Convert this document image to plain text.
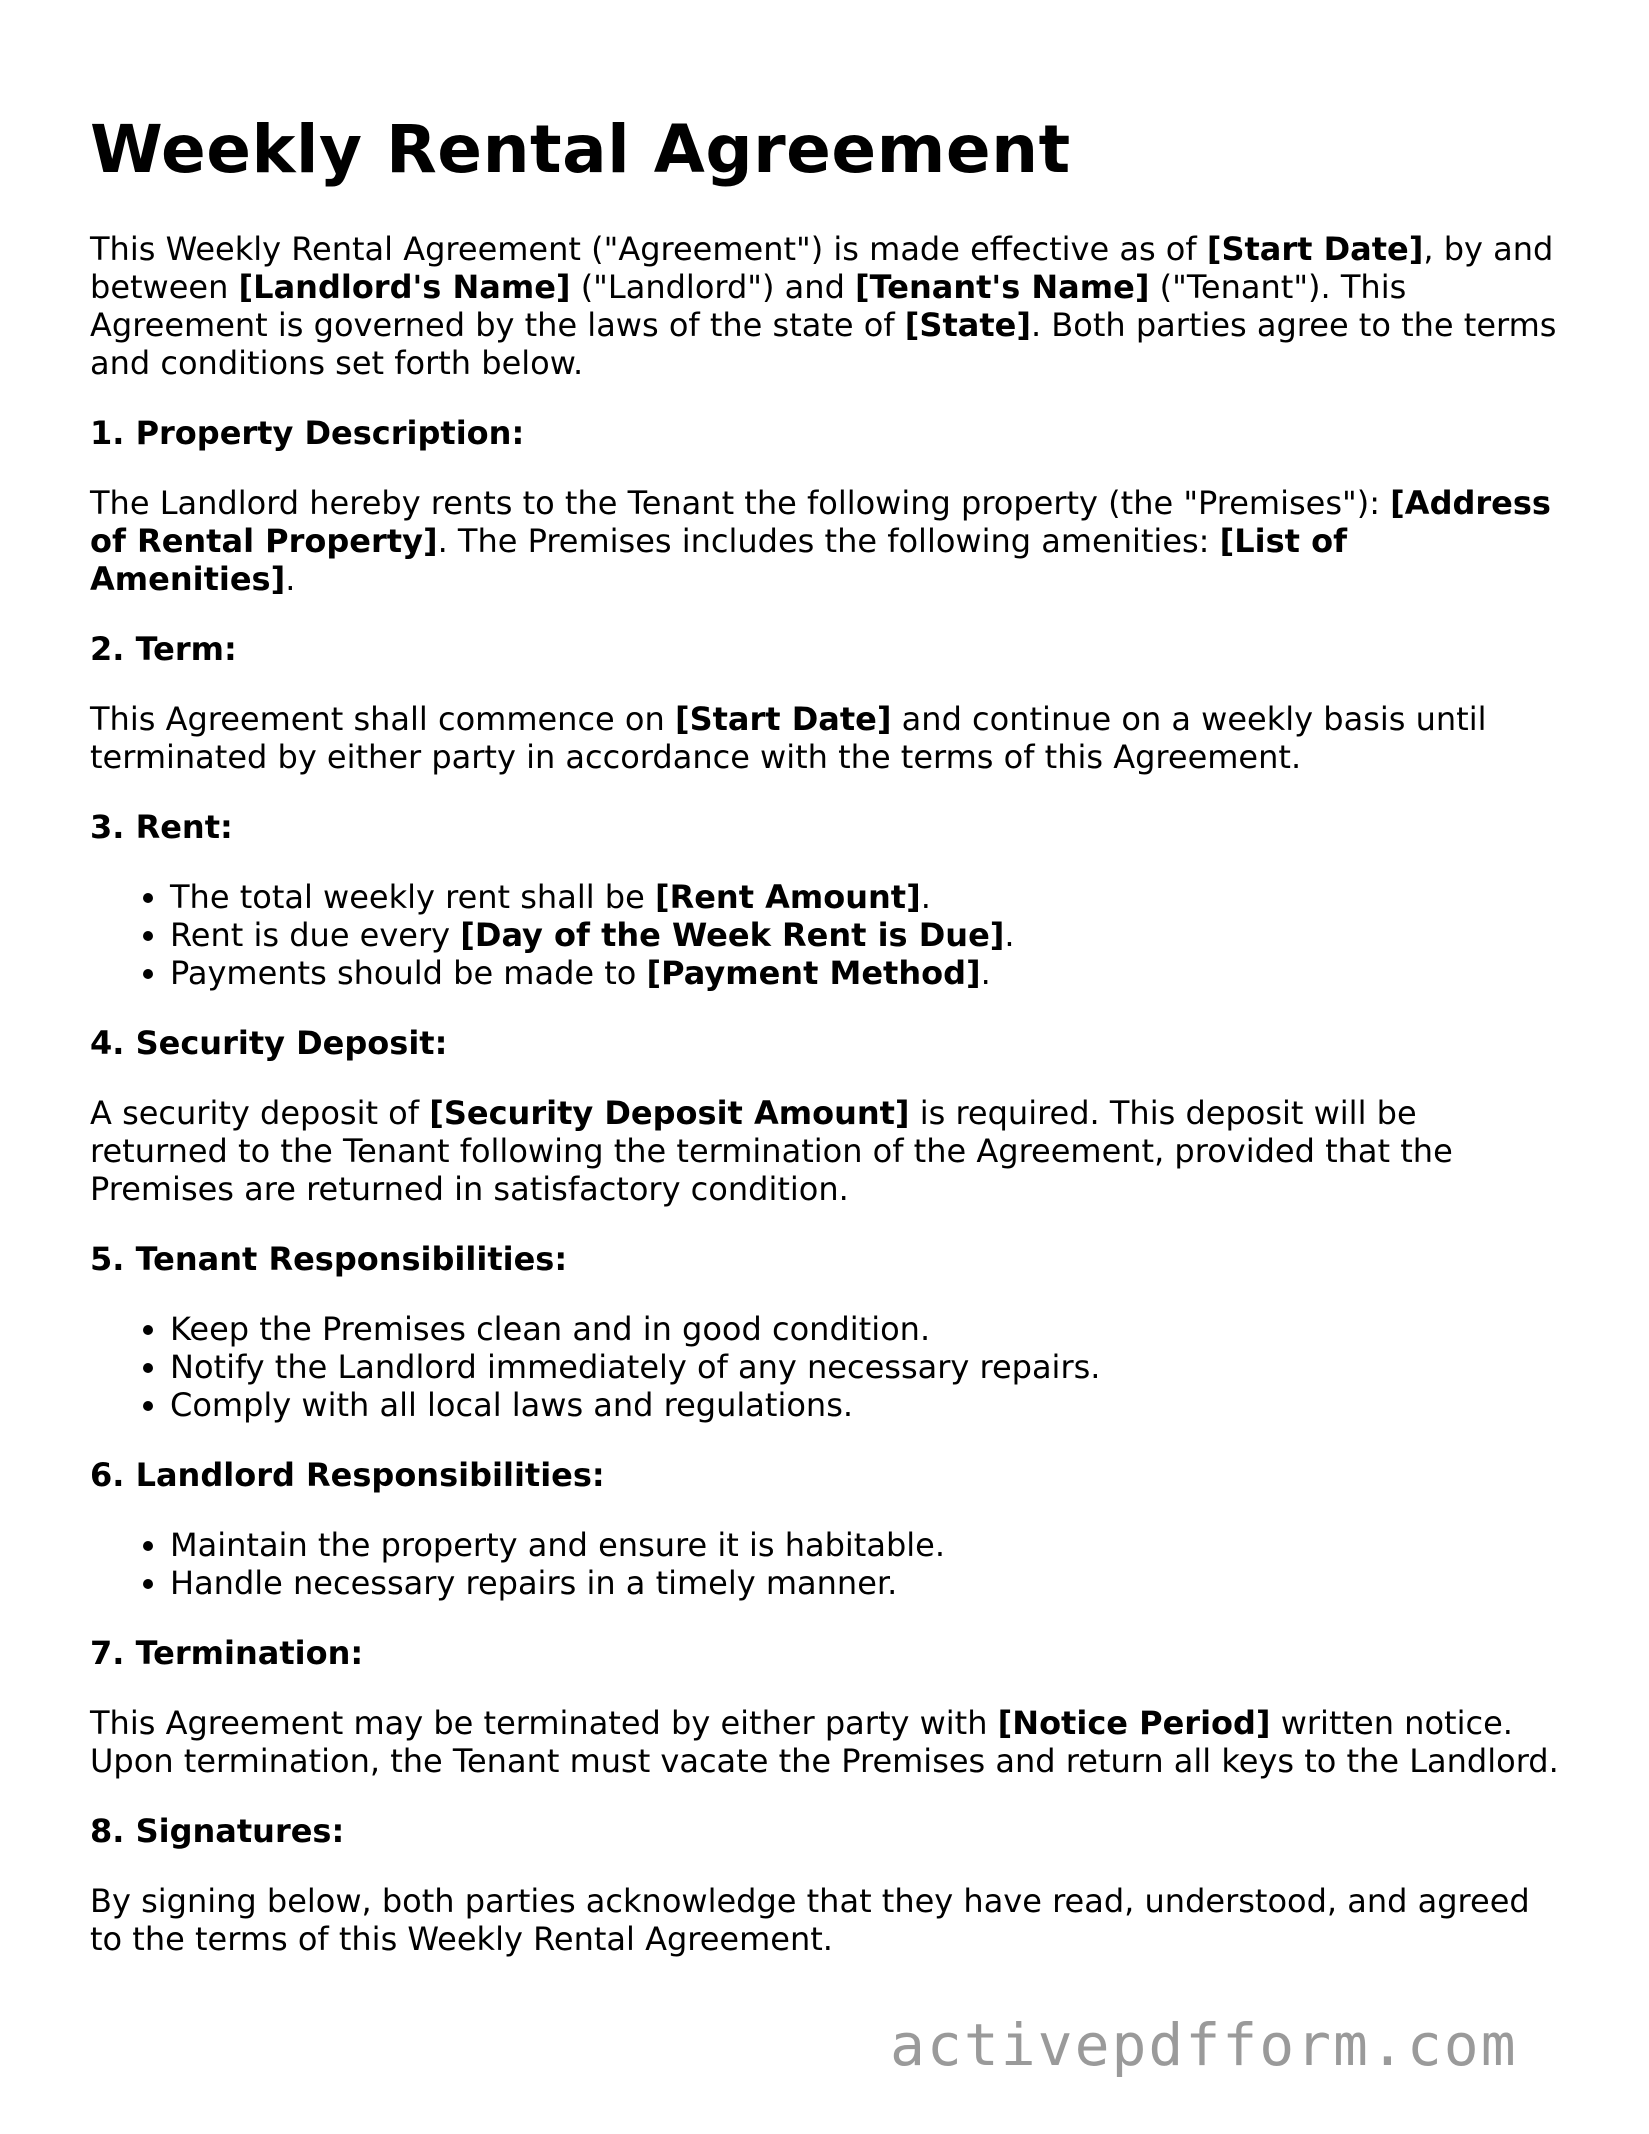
Weekly Rental Agreement

This Weekly Rental Agreement ("Agreement") is made effective as of [Start Date], by and between [Landlord's Name] ("Landlord") and [Tenant's Name] ("Tenant"). This Agreement is governed by the laws of the state of [State]. Both parties agree to the terms and conditions set forth below.

1. Property Description:

The Landlord hereby rents to the Tenant the following property (the "Premises"): [Address of Rental Property]. The Premises includes the following amenities: [List of Amenities].

2. Term:

This Agreement shall commence on [Start Date] and continue on a weekly basis until terminated by either party in accordance with the terms of this Agreement.

3. Rent:
• The total weekly rent shall be [Rent Amount].
• Rent is due every [Day of the Week Rent is Due].
• Payments should be made to [Payment Method].
4. Security Deposit:

A security deposit of [Security Deposit Amount] is required. This deposit will be returned to the Tenant following the termination of the Agreement, provided that the Premises are returned in satisfactory condition.

5. Tenant Responsibilities:
• Keep the Premises clean and in good condition.
• Notify the Landlord immediately of any necessary repairs.
• Comply with all local laws and regulations.
6. Landlord Responsibilities:
• Maintain the property and ensure it is habitable.
• Handle necessary repairs in a timely manner.
7. Termination:

This Agreement may be terminated by either party with [Notice Period] written notice. Upon termination, the Tenant must vacate the Premises and return all keys to the Landlord.

8. Signatures:

By signing below, both parties acknowledge that they have read, understood, and agreed to the terms of this Weekly Rental Agreement.

activepdfform.com
